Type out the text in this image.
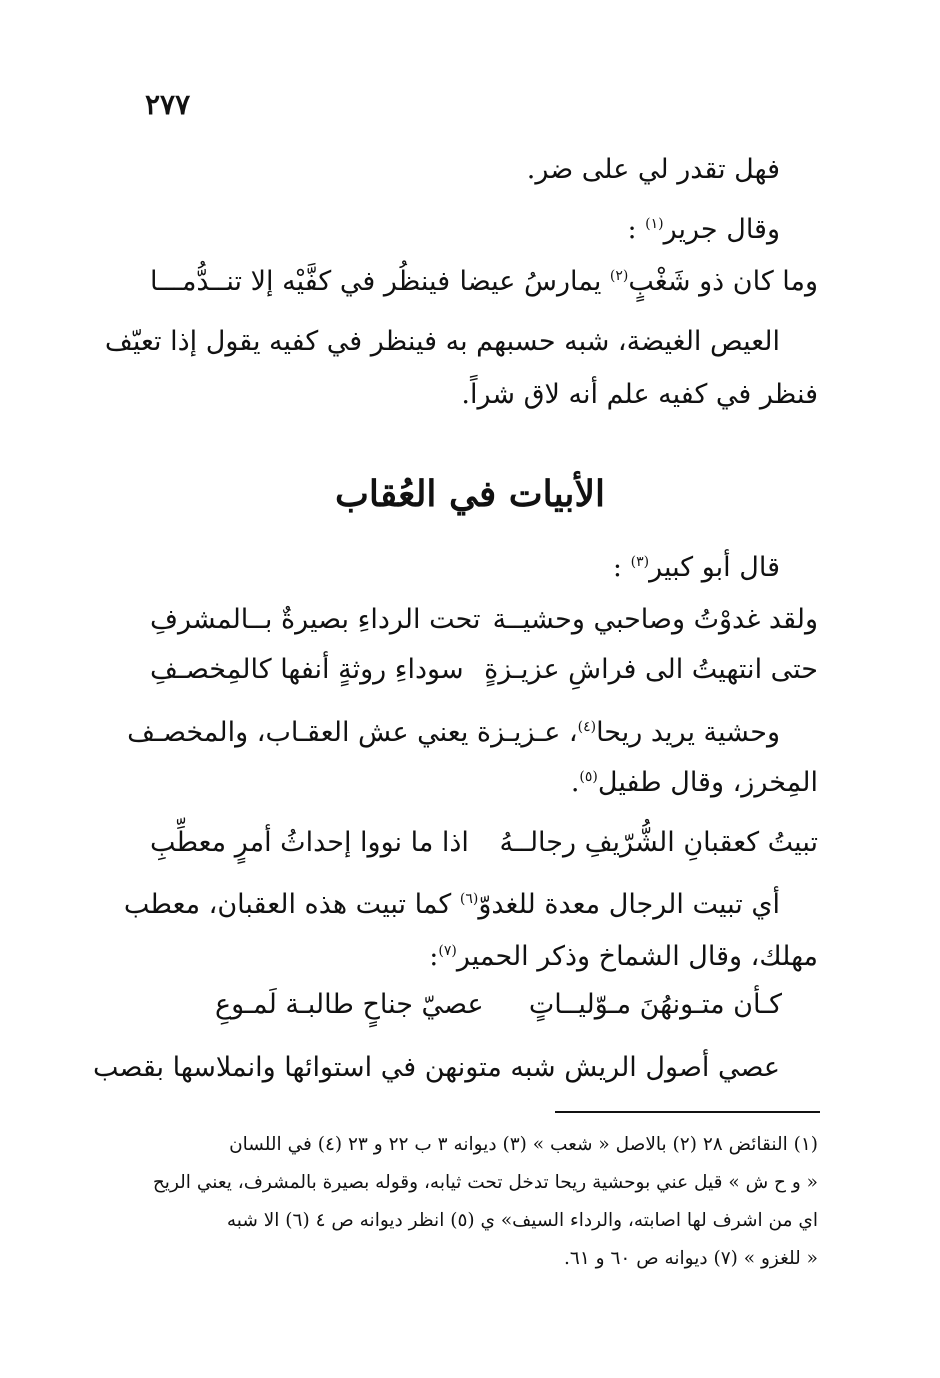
٢٧٧
فهل تقدر لي على ضر.
وقال جرير$^{(١)}$ :
وما كان ذو شَغْبٍ$^{(٢)}$ يمارسُ عيضا
فينظُر في كفَّيْه إلا تنــدُّمـــا
العيص الغيضة، شبه حسبهم به فينظر في كفيه يقول إذا تعيّف
فنظر في كفيه علم أنه لاق شراً.
الأبيات في العُقاب
قال أبو كبير$^{(٣)}$ :
ولقد غدوْتُ وصاحبي وحشيــة
تحت الرداءِ بصيرةٌ بــالمشرفِ
حتى انتهيتُ الى فراشِ عزيـزةٍ
سوداءِ روثةٍ أنفها كالمِخصـفِ
وحشية يريد ريحا$^{(٤)}$، عـزيـزة يعني عش العقـاب، والمخصـف
المِخرز، وقال طفيل$^{(٥)}$.
تبيتُ كعقبانِ الشُّرّيفِ رجالــهُ
اذا ما نووا إحداثُ أمرٍ معطِّبِ
أي تبيت الرجال معدة للغدوّ$^{(٦)}$ كما تبيت هذه العقبان، معطب
مهلك، وقال الشماخ وذكر الحمير$^{(٧)}$:
كـأن متـونهُنَ مـوّليــاتٍ
عصيّ جناحٍ طالبـة لَمـوعِ
عصي أصول الريش شبه متونهن في استوائها وانملاسها بقصب
(١) النقائض ٢٨ (٢) بالاصل « شعب » (٣) ديوانه ٣ ب ٢٢ و ٢٣ (٤) في اللسان
« و ح ش » قيل عني بوحشية ريحا تدخل تحت ثيابه، وقوله بصيرة بالمشرف، يعني الريح
اي من اشرف لها اصابته، والرداء السيف» ي (٥) انظر ديوانه ص ٤ (٦) الا شبه
« للغزو » (٧) ديوانه ص ٦٠ و ٦١.
